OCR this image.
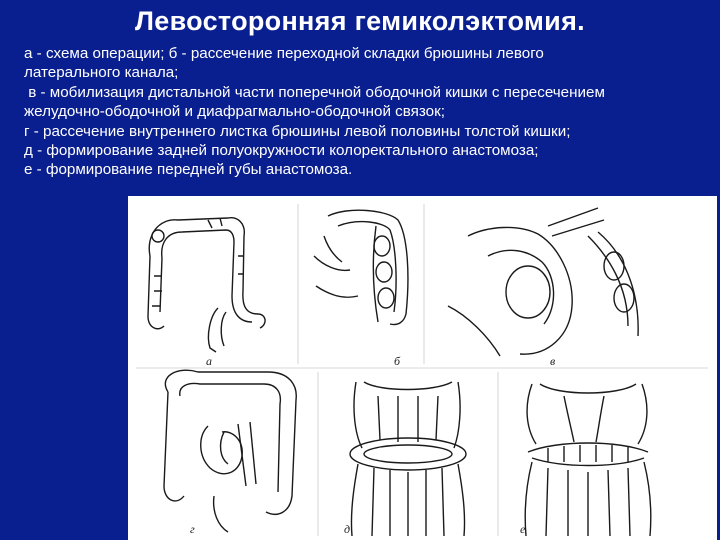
Левосторонняя гемиколэктомия.
а - схема операции; б - рассечение переходной складки брюшины левого
латерального канала;
в - мобилизация дистальной части поперечной ободочной кишки с пересечением
желудочно-ободочной и диафрагмально-ободочной связок;
г - рассечение внутреннего листка брюшины левой половины толстой кишки;
д - формирование задней полуокружности колоректального анастомоза;
е - формирование передней губы анастомоза.
а	б	в
г	д	е
